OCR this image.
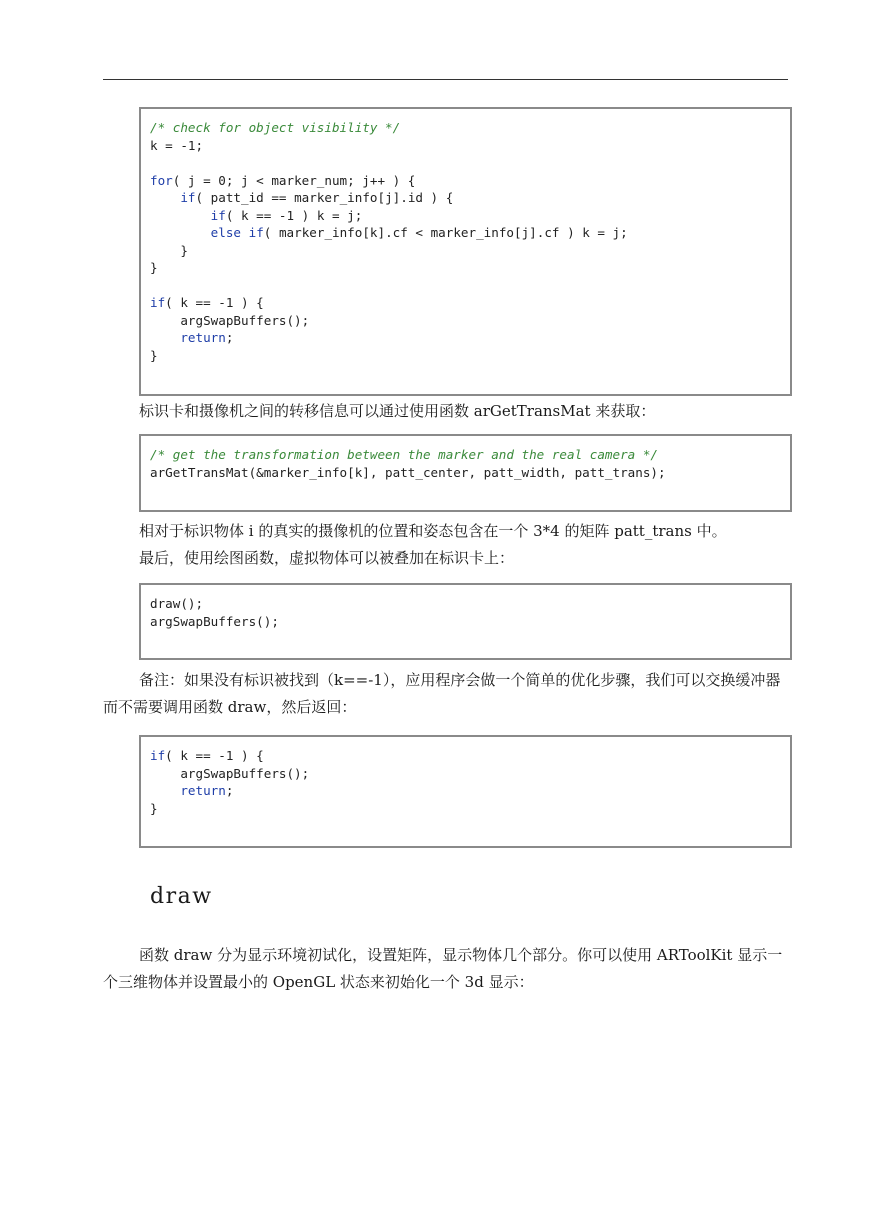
/* check for object visibility */
k = -1;

for( j = 0; j < marker_num; j++ ) {
if( patt_id == marker_info[j].id ) {
if( k == -1 ) k = j;
else if( marker_info[k].cf < marker_info[j].cf ) k = j;
}
}

if( k == -1 ) {
argSwapBuffers();
return;
}

标识卡和摄像机之间的转移信息可以通过使用函数 arGetTransMat 来获取：

/* get the transformation between the marker and the real camera */
arGetTransMat(&marker_info[k], patt_center, patt_width, patt_trans);

相对于标识物体 i 的真实的摄像机的位置和姿态包含在一个 3*4 的矩阵 patt_trans 中。

最后，使用绘图函数，虚拟物体可以被叠加在标识卡上：

draw();
argSwapBuffers();

备注：如果没有标识被找到（k==-1），应用程序会做一个简单的优化步骤，我们可以交换缓冲器而不需要调用函数 draw，然后返回：

if( k == -1 ) {
argSwapBuffers();
return;
}
draw

函数 draw 分为显示环境初试化，设置矩阵，显示物体几个部分。你可以使用 ARToolKit 显示一个三维物体并设置最小的 OpenGL 状态来初始化一个 3d 显示：
